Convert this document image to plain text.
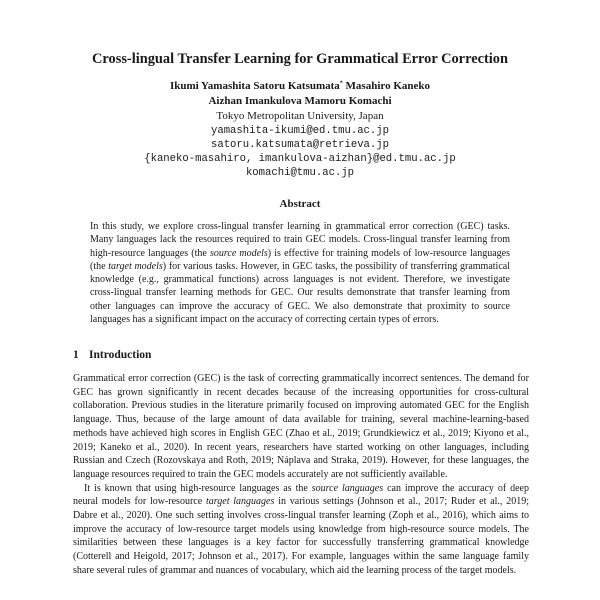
Cross-lingual Transfer Learning for Grammatical Error Correction
Ikumi Yamashita Satoru Katsumata* Masahiro Kaneko
Aizhan Imankulova Mamoru Komachi
Tokyo Metropolitan University, Japan
yamashita-ikumi@ed.tmu.ac.jp
satoru.katsumata@retrieva.jp
{kaneko-masahiro, imankulova-aizhan}@ed.tmu.ac.jp
komachi@tmu.ac.jp
Abstract
In this study, we explore cross-lingual transfer learning in grammatical error correction (GEC) tasks. Many languages lack the resources required to train GEC models. Cross-lingual transfer learning from high-resource languages (the source models) is effective for training models of low-resource languages (the target models) for various tasks. However, in GEC tasks, the possibility of transferring grammatical knowledge (e.g., grammatical functions) across languages is not evident. Therefore, we investigate cross-lingual transfer learning methods for GEC. Our results demonstrate that transfer learning from other languages can improve the accuracy of GEC. We also demonstrate that proximity to source languages has a significant impact on the accuracy of correcting certain types of errors.
1 Introduction

Grammatical error correction (GEC) is the task of correcting grammatically incorrect sentences. The demand for GEC has grown significantly in recent decades because of the increasing opportunities for cross-cultural collaboration. Previous studies in the literature primarily focused on improving automated GEC for the English language. Thus, because of the large amount of data available for training, several machine-learning-based methods have achieved high scores in English GEC (Zhao et al., 2019; Grundkiewicz et al., 2019; Kiyono et al., 2019; Kaneko et al., 2020). In recent years, researchers have started working on other languages, including Russian and Czech (Rozovskaya and Roth, 2019; Náplava and Straka, 2019). However, for these languages, the language resources required to train the GEC models accurately are not sufficiently available.

It is known that using high-resource languages as the source languages can improve the accuracy of deep neural models for low-resource target languages in various settings (Johnson et al., 2017; Ruder et al., 2019; Dabre et al., 2020). One such setting involves cross-lingual transfer learning (Zoph et al., 2016), which aims to improve the accuracy of low-resource target models using knowledge from high-resource source models. The similarities between these languages is a key factor for successfully transferring grammatical knowledge (Cotterell and Heigold, 2017; Johnson et al., 2017). For example, languages within the same language family share several rules of grammar and nuances of vocabulary, which aid the learning process of the target models.
